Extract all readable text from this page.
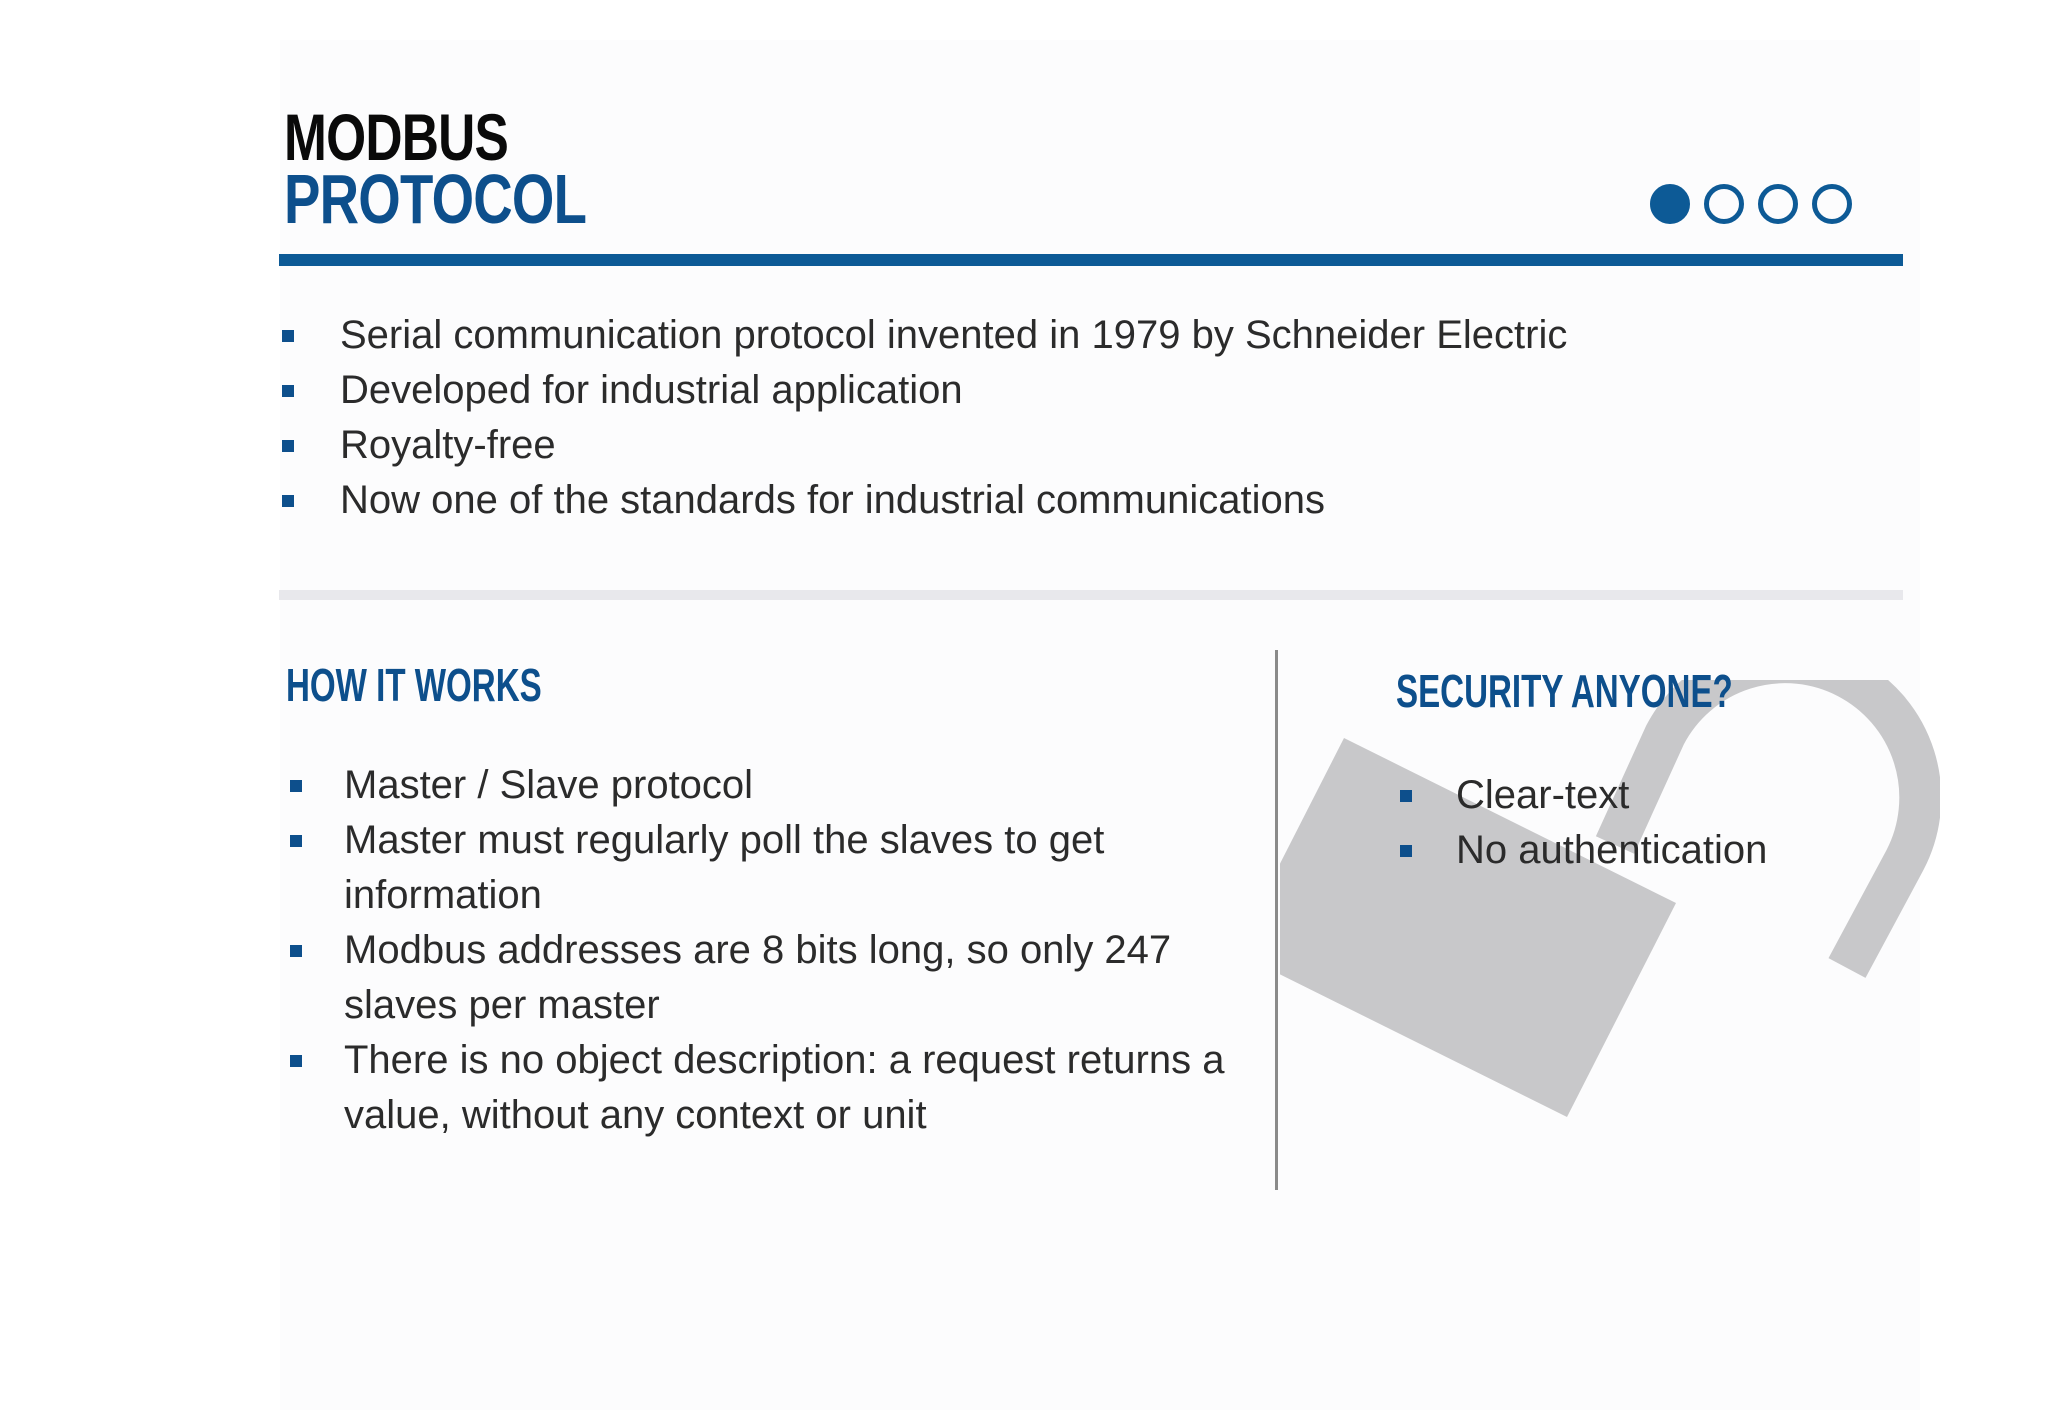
MODBUS
PROTOCOL
Serial communication protocol invented in 1979 by Schneider Electric
Developed for industrial application
Royalty-free
Now one of the standards for industrial communications
HOW IT WORKS
Master / Slave protocol
Master must regularly poll the slaves to get information
Modbus addresses are 8 bits long, so only 247 slaves per master
There is no object description: a request returns a value, without any context or unit
SECURITY ANYONE?
Clear-text
No authentication
